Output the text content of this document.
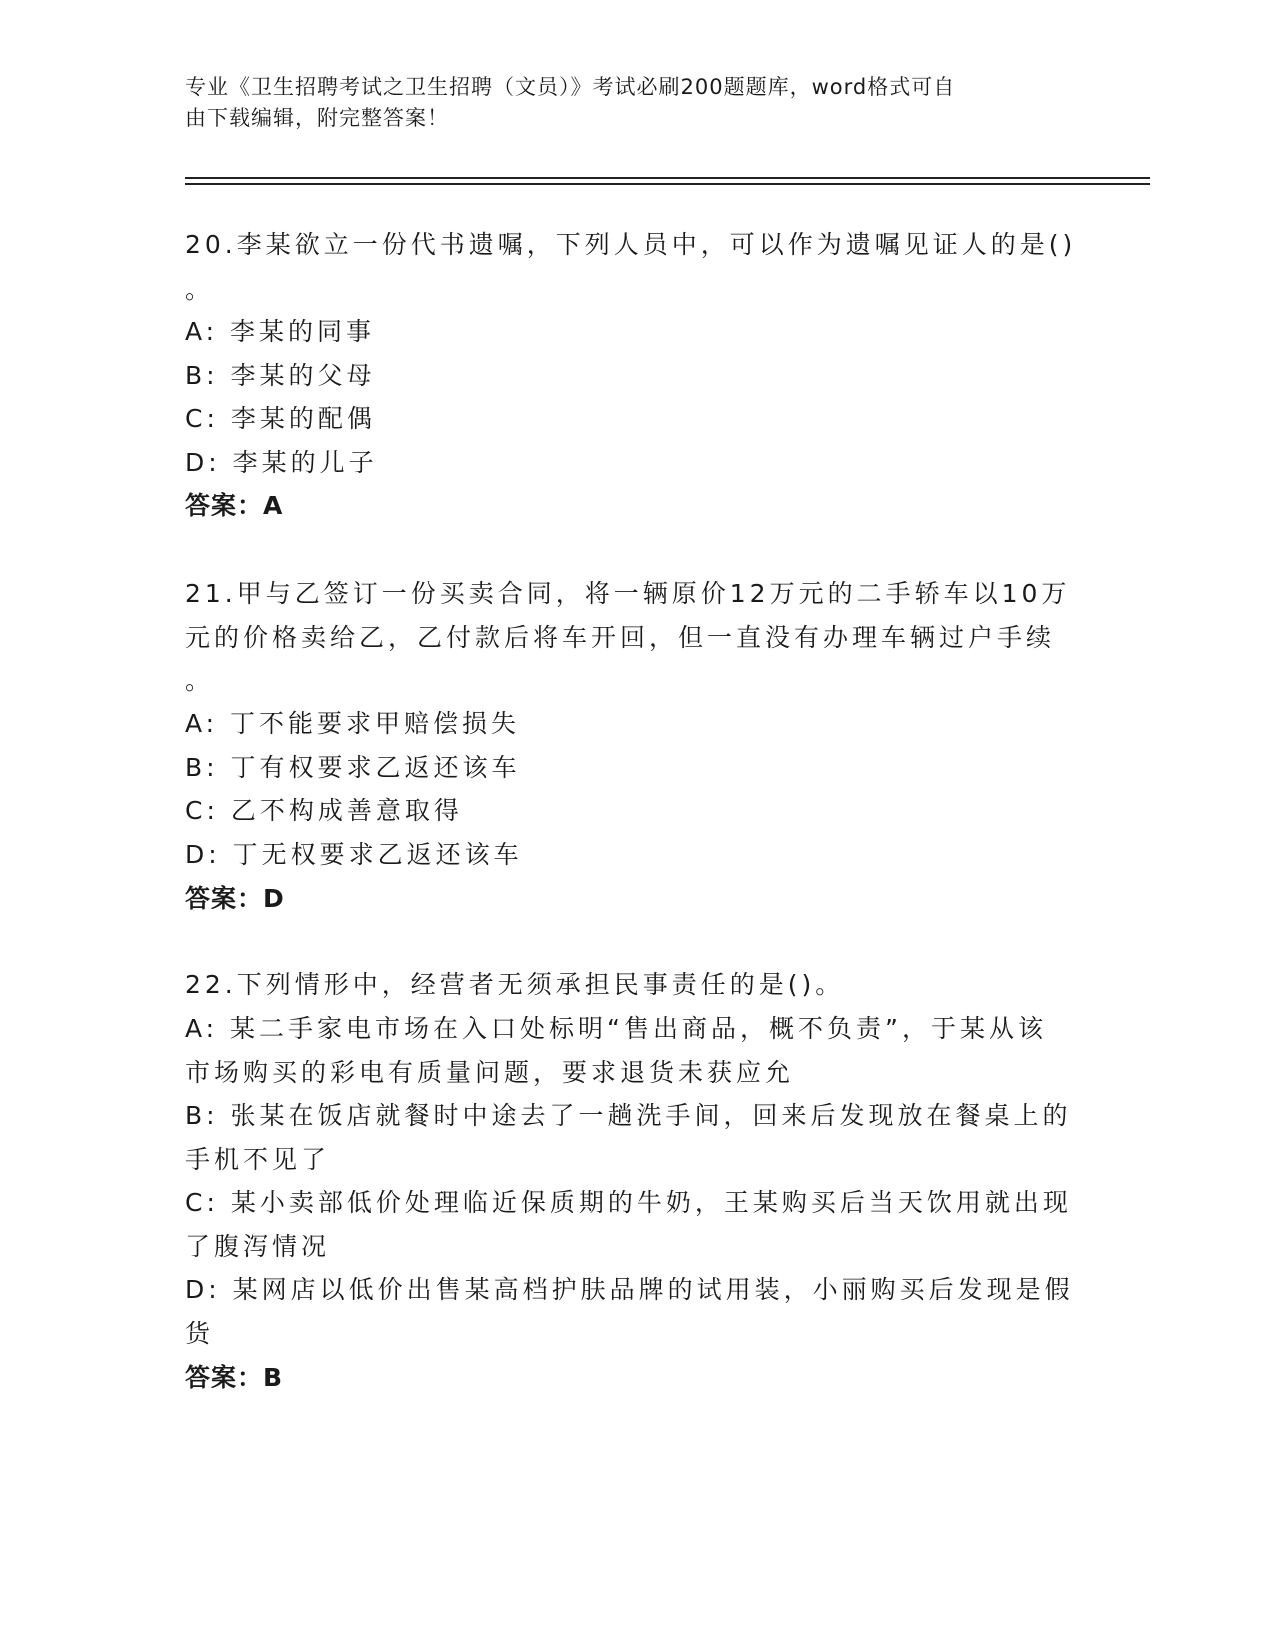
专业《卫生招聘考试之卫生招聘（文员）》考试必刷200题题库，word格式可自
由下载编辑，附完整答案！
20.李某欲立一份代书遗嘱，下列人员中，可以作为遗嘱见证人的是()
。
A: 李某的同事
B: 李某的父母
C: 李某的配偶
D: 李某的儿子
答案：A
21.甲与乙签订一份买卖合同，将一辆原价12万元的二手轿车以10万
元的价格卖给乙，乙付款后将车开回，但一直没有办理车辆过户手续
。
A: 丁不能要求甲赔偿损失
B: 丁有权要求乙返还该车
C: 乙不构成善意取得
D: 丁无权要求乙返还该车
答案：D
22.下列情形中，经营者无须承担民事责任的是()。
A: 某二手家电市场在入口处标明“售出商品，概不负责”，于某从该
市场购买的彩电有质量问题，要求退货未获应允
B: 张某在饭店就餐时中途去了一趟洗手间，回来后发现放在餐桌上的
手机不见了
C: 某小卖部低价处理临近保质期的牛奶，王某购买后当天饮用就出现
了腹泻情况
D: 某网店以低价出售某高档护肤品牌的试用装，小丽购买后发现是假
货
答案：B
